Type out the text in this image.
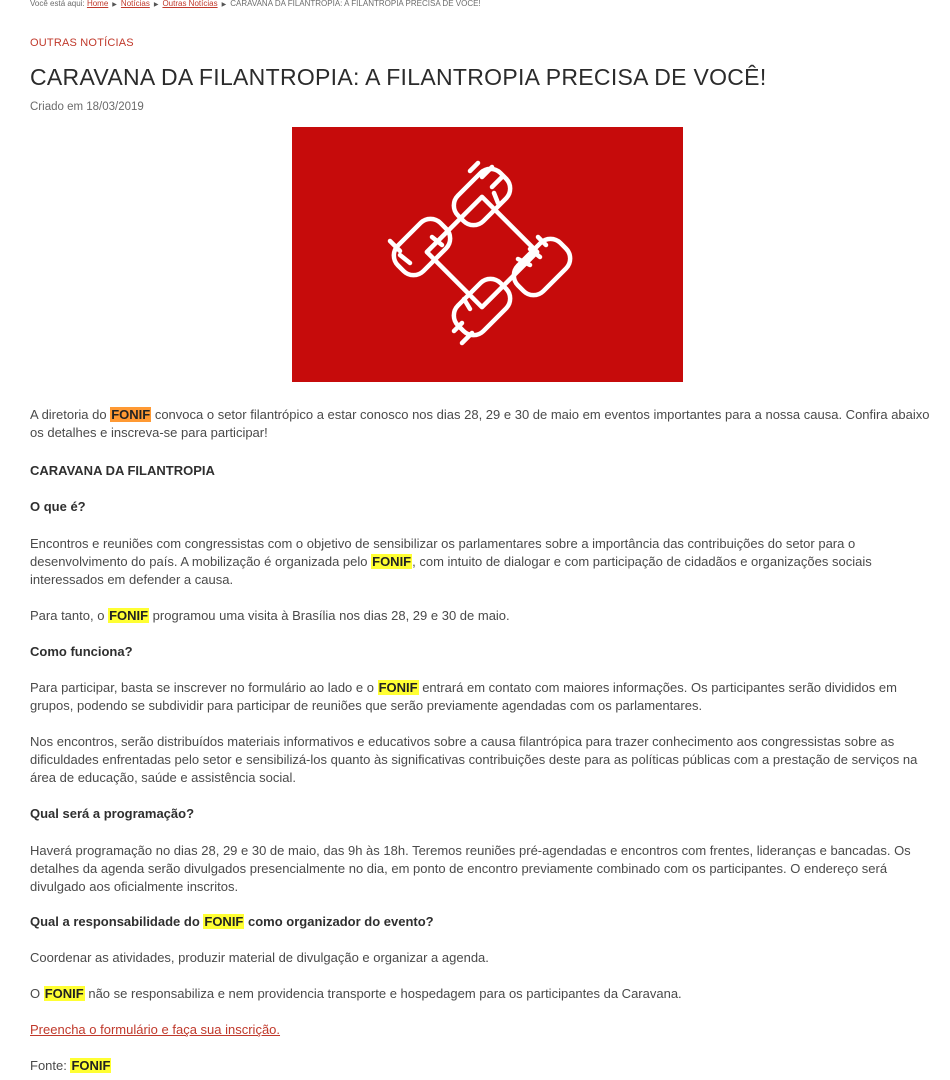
Você está aqui: Home ▶ Notícias ▶ Outras Notícias ▶ CARAVANA DA FILANTROPIA: A FILANTROPIA PRECISA DE VOCÊ!
OUTRAS NOTÍCIAS
CARAVANA DA FILANTROPIA: A FILANTROPIA PRECISA DE VOCÊ!
Criado em 18/03/2019

A diretoria do FONIF convoca o setor filantrópico a estar conosco nos dias 28, 29 e 30 de maio em eventos importantes para a nossa causa. Confira abaixo os detalhes e inscreva-se para participar!

CARAVANA DA FILANTROPIA

O que é?

Encontros e reuniões com congressistas com o objetivo de sensibilizar os parlamentares sobre a importância das contribuições do setor para o desenvolvimento do país. A mobilização é organizada pelo FONIF, com intuito de dialogar e com participação de cidadãos e organizações sociais interessados em defender a causa.

Para tanto, o FONIF programou uma visita à Brasília nos dias 28, 29 e 30 de maio.

Como funciona?

Para participar, basta se inscrever no formulário ao lado e o FONIF entrará em contato com maiores informações. Os participantes serão divididos em grupos, podendo se subdividir para participar de reuniões que serão previamente agendadas com os parlamentares.

Nos encontros, serão distribuídos materiais informativos e educativos sobre a causa filantrópica para trazer conhecimento aos congressistas sobre as dificuldades enfrentadas pelo setor e sensibilizá-los quanto às significativas contribuições deste para as políticas públicas com a prestação de serviços na área de educação, saúde e assistência social.

Qual será a programação?

Haverá programação no dias 28, 29 e 30 de maio, das 9h às 18h. Teremos reuniões pré-agendadas e encontros com frentes, lideranças e bancadas. Os detalhes da agenda serão divulgados presencialmente no dia, em ponto de encontro previamente combinado com os participantes. O endereço será divulgado aos oficialmente inscritos.

Qual a responsabilidade do FONIF como organizador do evento?

Coordenar as atividades, produzir material de divulgação e organizar a agenda.

O FONIF não se responsabiliza e nem providencia transporte e hospedagem para os participantes da Caravana.

Preencha o formulário e faça sua inscrição.

Fonte: FONIF
